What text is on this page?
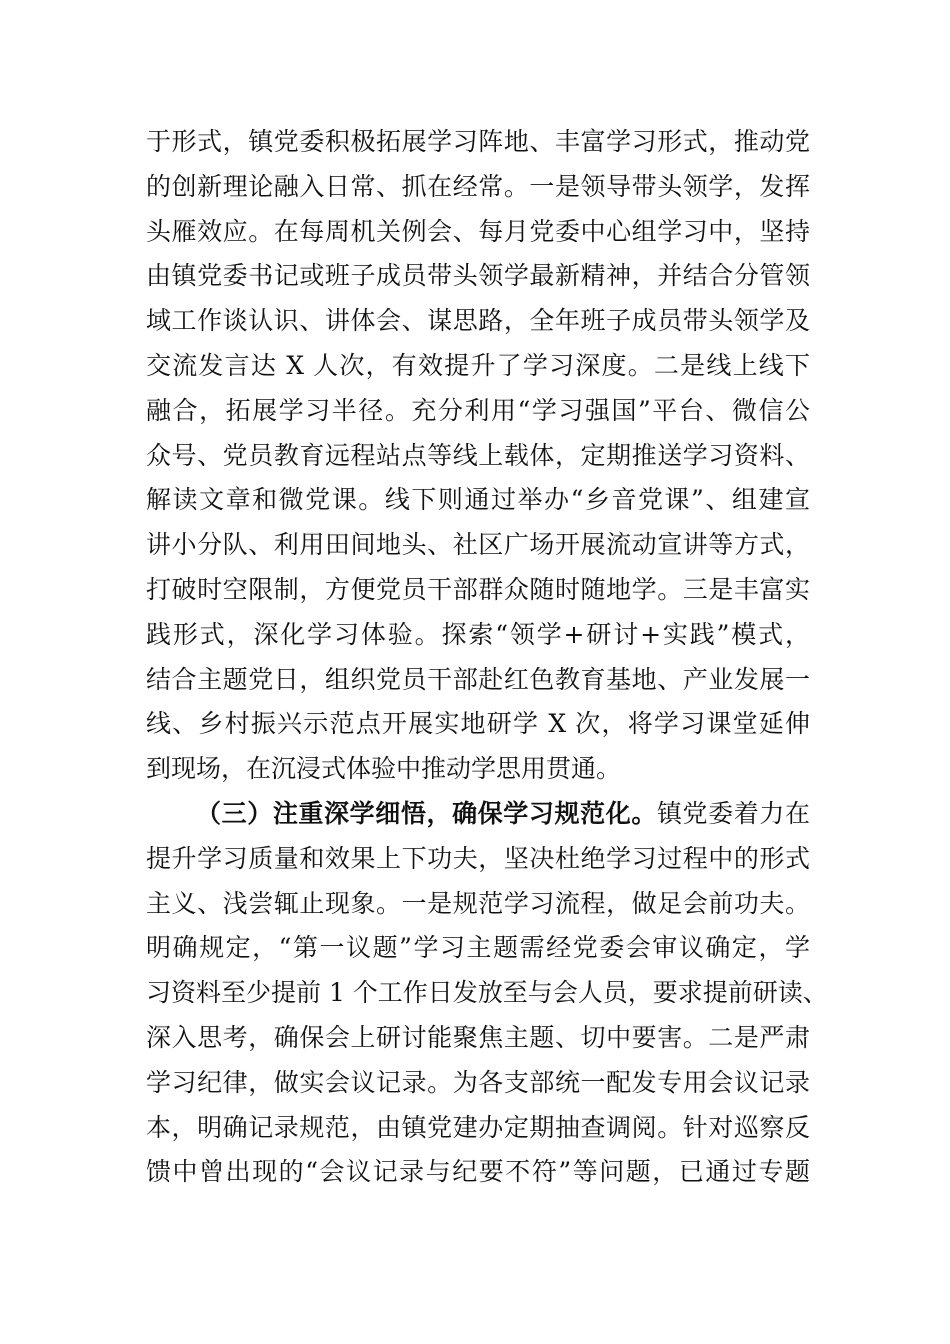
于形式，镇党委积极拓展学习阵地、丰富学习形式，推动党
的创新理论融入日常、抓在经常。一是领导带头领学，发挥
头雁效应。在每周机关例会、每月党委中心组学习中，坚持
由镇党委书记或班子成员带头领学最新精神，并结合分管领
域工作谈认识、讲体会、谋思路，全年班子成员带头领学及
交流发言达 X 人次，有效提升了学习深度。二是线上线下
融合，拓展学习半径。充分利用“学习强国”平台、微信公
众号、党员教育远程站点等线上载体，定期推送学习资料、
解读文章和微党课。线下则通过举办“乡音党课”、组建宣
讲小分队、利用田间地头、社区广场开展流动宣讲等方式，
打破时空限制，方便党员干部群众随时随地学。三是丰富实
践形式，深化学习体验。探索“领学+研讨+实践”模式，
结合主题党日，组织党员干部赴红色教育基地、产业发展一
线、乡村振兴示范点开展实地研学 X 次，将学习课堂延伸
到现场，在沉浸式体验中推动学思用贯通。
（三）注重深学细悟，确保学习规范化。镇党委着力在
提升学习质量和效果上下功夫，坚决杜绝学习过程中的形式
主义、浅尝辄止现象。一是规范学习流程，做足会前功夫。
明确规定，“第一议题”学习主题需经党委会审议确定，学
习资料至少提前 1 个工作日发放至与会人员，要求提前研读、
深入思考，确保会上研讨能聚焦主题、切中要害。二是严肃
学习纪律，做实会议记录。为各支部统一配发专用会议记录
本，明确记录规范，由镇党建办定期抽查调阅。针对巡察反
馈中曾出现的“会议记录与纪要不符”等问题，已通过专题
